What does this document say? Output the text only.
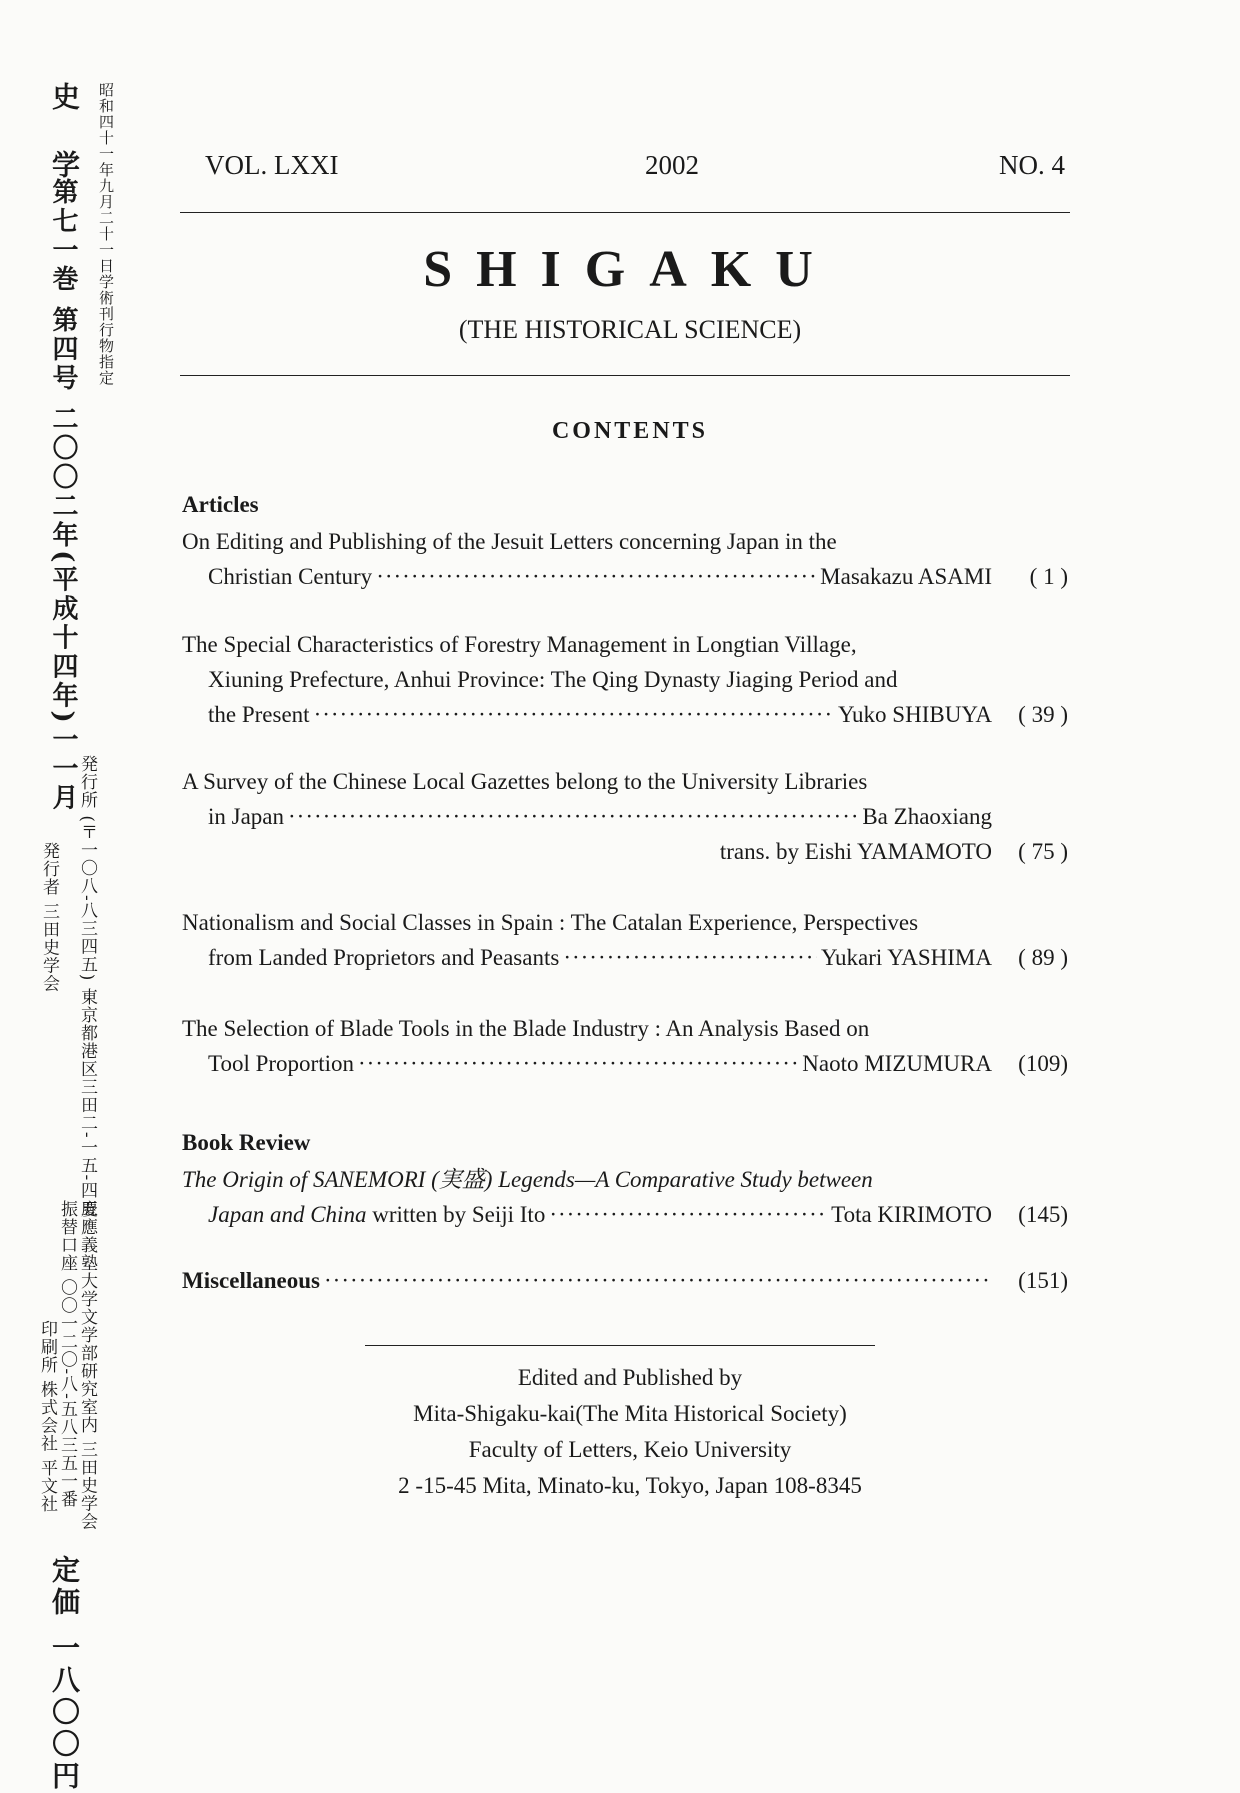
史　学 昭和四十一年九月二十一日学術刊行物指定
第七一巻 第四号 二〇〇二年(平成十四年)一一月
発行所 (〒一〇八-八三四五) 東京都港区三田二-一五-四五
発行者 三田史学会
慶應義塾大学文学部研究室内 三田史学会
振替口座 〇〇一二〇-八-五八三五一番
印刷所 株式会社 平文社
定価 一八〇〇円
VOL. LXXI	2002	NO. 4
SHIGAKU
(THE HISTORICAL SCIENCE)
CONTENTS
Articles
On Editing and Publishing of the Jesuit Letters concerning Japan in the
Christian Century ·····	Masakazu ASAMI	( 1 )
The Special Characteristics of Forestry Management in Longtian Village,
Xiuning Prefecture, Anhui Province: The Qing Dynasty Jiaging Period and
the Present ·····	Yuko SHIBUYA	( 39 )
A Survey of the Chinese Local Gazettes belong to the University Libraries
in Japan ·····	Ba Zhaoxiang
trans. by Eishi YAMAMOTO	( 75 )
Nationalism and Social Classes in Spain : The Catalan Experience, Perspectives
from Landed Proprietors and Peasants ·····	Yukari YASHIMA	( 89 )
The Selection of Blade Tools in the Blade Industry : An Analysis Based on
Tool Proportion ·····	Naoto MIZUMURA	(109)
Book Review
The Origin of SANEMORI (実盛) Legends—A Comparative Study between
Japan and China written by Seiji Ito ·····	Tota KIRIMOTO	(145)
Miscellaneous ·····	(151)
Edited and Published by
Mita-Shigaku-kai(The Mita Historical Society)
Faculty of Letters, Keio University
2 -15-45 Mita, Minato-ku, Tokyo, Japan 108-8345
